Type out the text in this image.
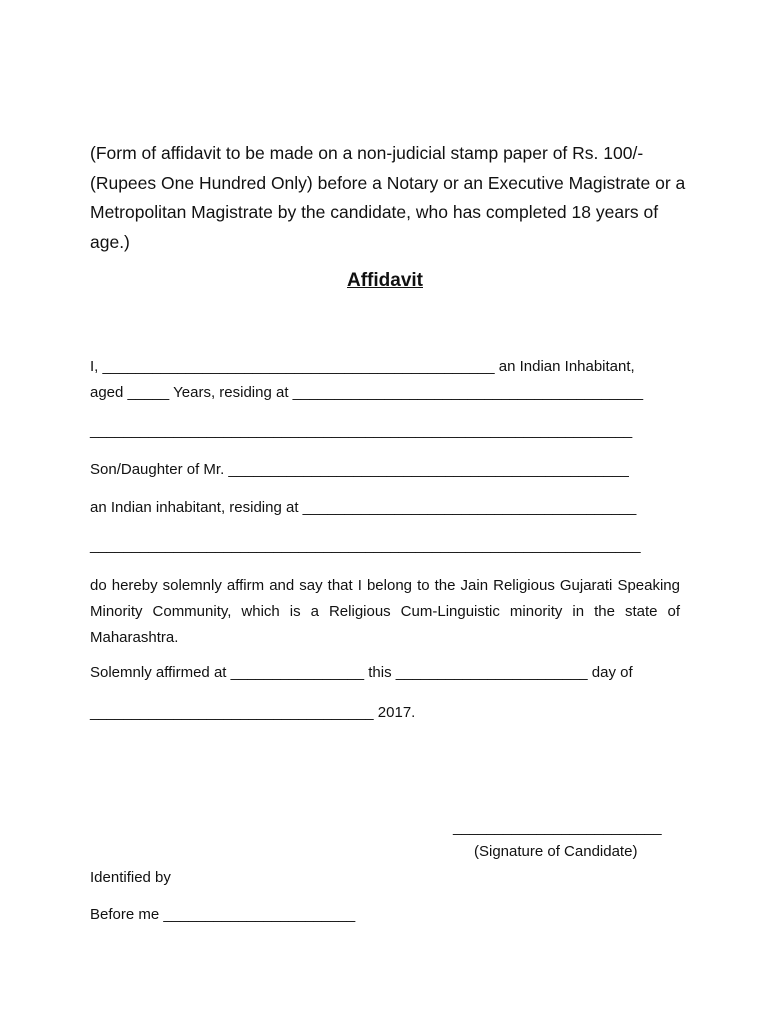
(Form of affidavit to be made on a non-judicial stamp paper of Rs. 100/- (Rupees One Hundred Only) before a Notary or an Executive Magistrate or a Metropolitan Magistrate by the candidate, who has completed 18 years of age.)

Affidavit

I, _______________________________________________ an Indian Inhabitant,

aged _____ Years, residing at __________________________________________

_________________________________________________________________

Son/Daughter of Mr. ________________________________________________

an Indian inhabitant, residing at ________________________________________

__________________________________________________________________

do hereby solemnly affirm and say that I belong to the Jain Religious Gujarati Speaking Minority Community, which is a Religious Cum-Linguistic minority in the state of Maharashtra.

Solemnly affirmed at ________________ this _______________________ day of

__________________________________ 2017.

_________________________

(Signature of Candidate)

Identified by

Before me _______________________
